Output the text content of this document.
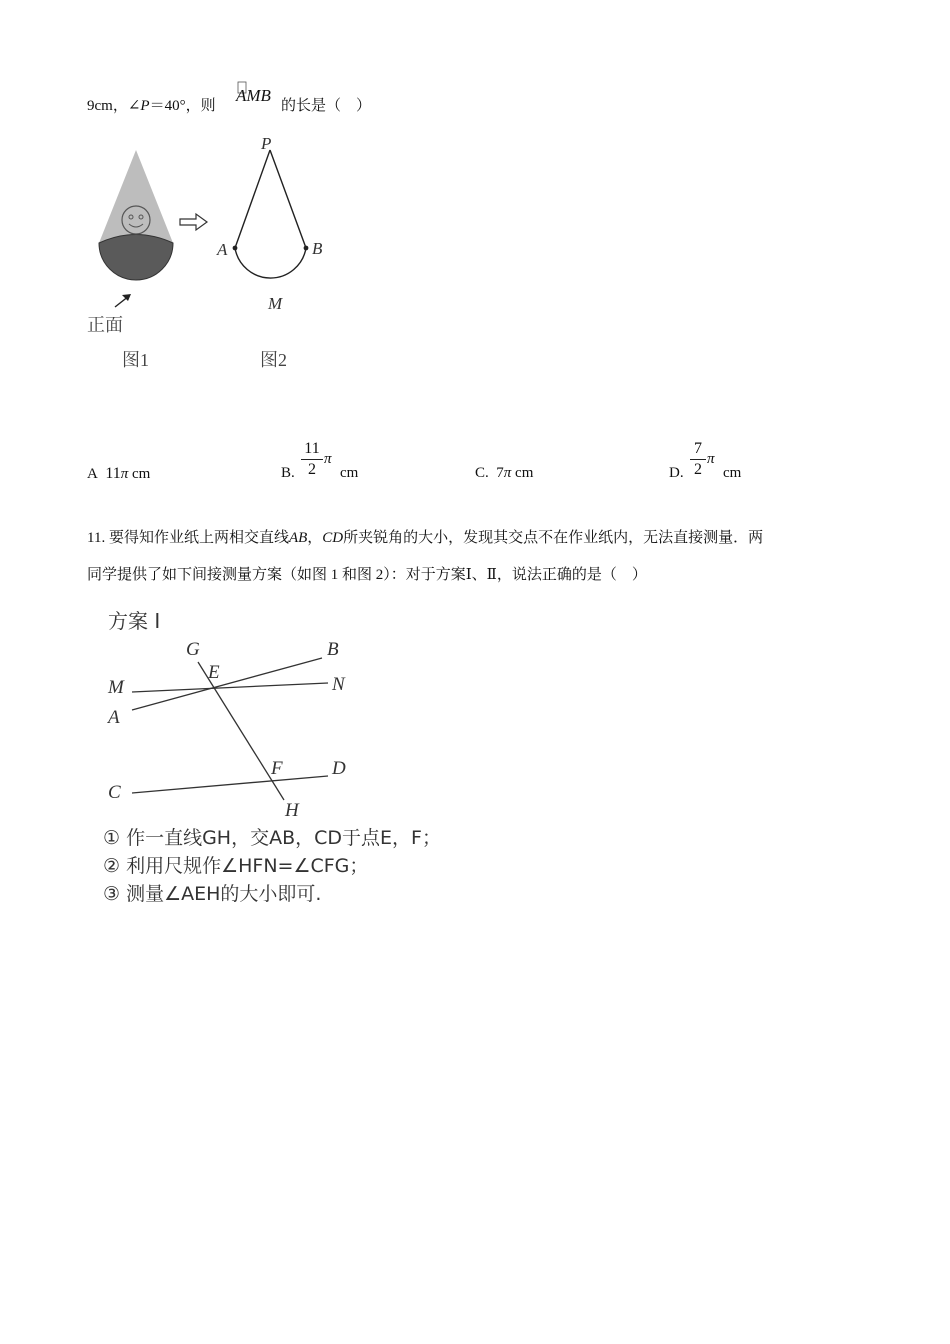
9cm，∠P＝40°，则
AMB
的长是（　）
正面
图1
P
A	B
M
图2
A 11π cm	B.
11
2
π
cm	C. 7π cm	D.
7
2
π
cm
11. 要得知作业纸上两相交直线AB，CD所夹锐角的大小，发现其交点不在作业纸内，无法直接测量．两
同学提供了如下间接测量方案（如图 1 和图 2）：对于方案Ⅰ、Ⅱ，说法正确的是（　）
方案 I
G	B
E
M	N
A
F	D
C
H
① 作一直线GH，交AB，CD于点E，F；
② 利用尺规作∠HFN=∠CFG；
③ 测量∠AEH的大小即可.
